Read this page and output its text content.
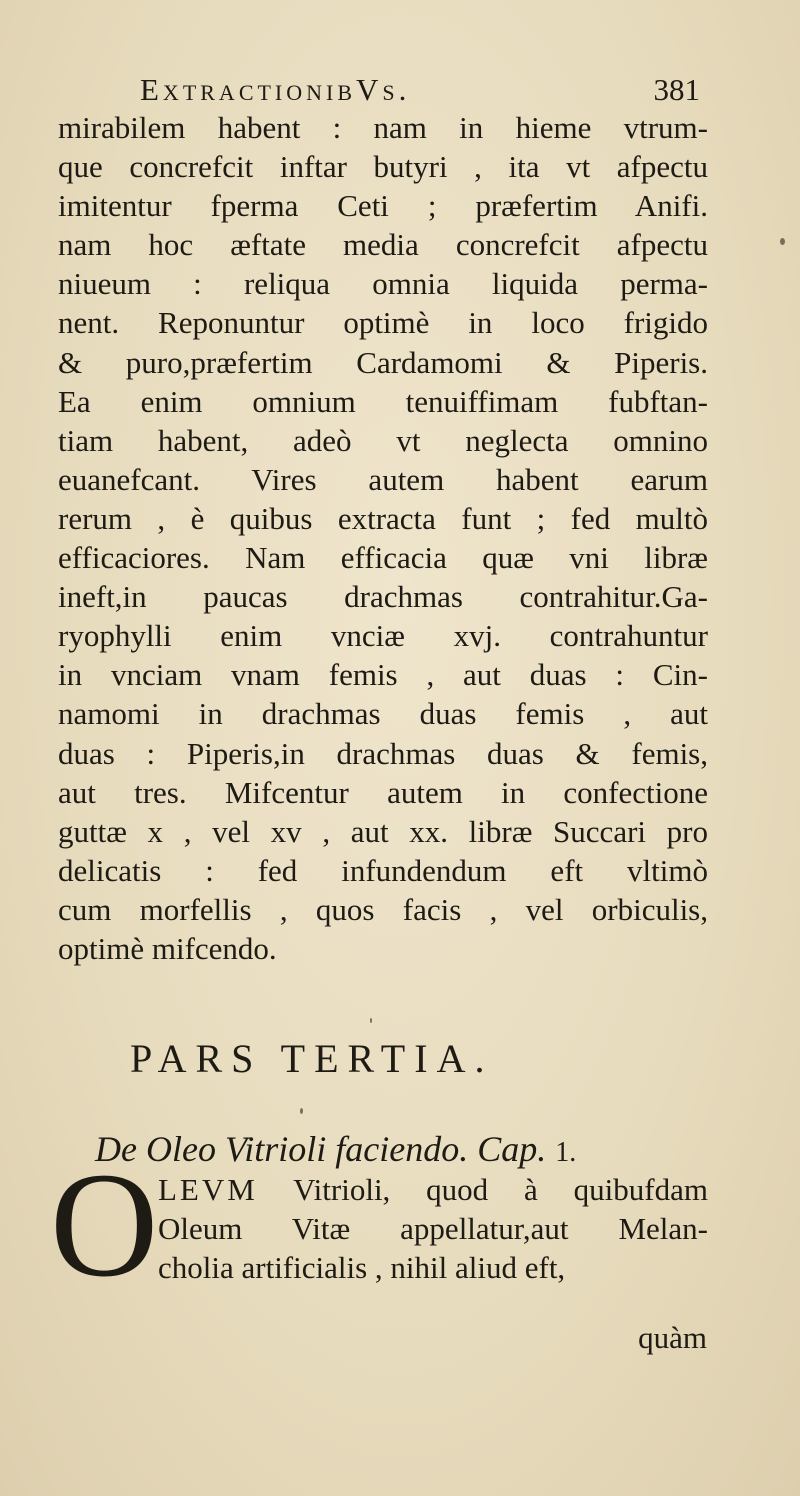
ExtractionibVs.	381
mirabilem habent : nam in hieme vtrum-
que concrefcit inftar butyri , ita vt afpectu
imitentur fperma Ceti ; præfertim Anifi.
nam hoc æftate media concrefcit afpectu
niueum : reliqua omnia liquida perma-
nent. Reponuntur optimè in loco frigido
& puro,præfertim Cardamomi & Piperis.
Ea enim omnium tenuiffimam fubftan-
tiam habent, adeò vt neglecta omnino
euanefcant. Vires autem habent earum
rerum , è quibus extracta funt ; fed multò
efficaciores. Nam efficacia quæ vni libræ
ineft,in paucas drachmas contrahitur.Ga-
ryophylli enim vnciæ xvj. contrahuntur
in vnciam vnam femis , aut duas : Cin-
namomi in drachmas duas femis , aut
duas : Piperis,in drachmas duas & femis,
aut tres. Mifcentur autem in confectione
guttæ x , vel xv , aut xx. libræ Succari pro
delicatis : fed infundendum eft vltimò
cum morfellis , quos facis , vel orbiculis,
optimè mifcendo.
PARS TERTIA.
De Oleo Vitrioli faciendo. Cap. 1.
O LEVM Vitrioli, quod à quibufdam
Oleum Vitæ appellatur,aut Melan-
cholia artificialis , nihil aliud eft,
quàm
